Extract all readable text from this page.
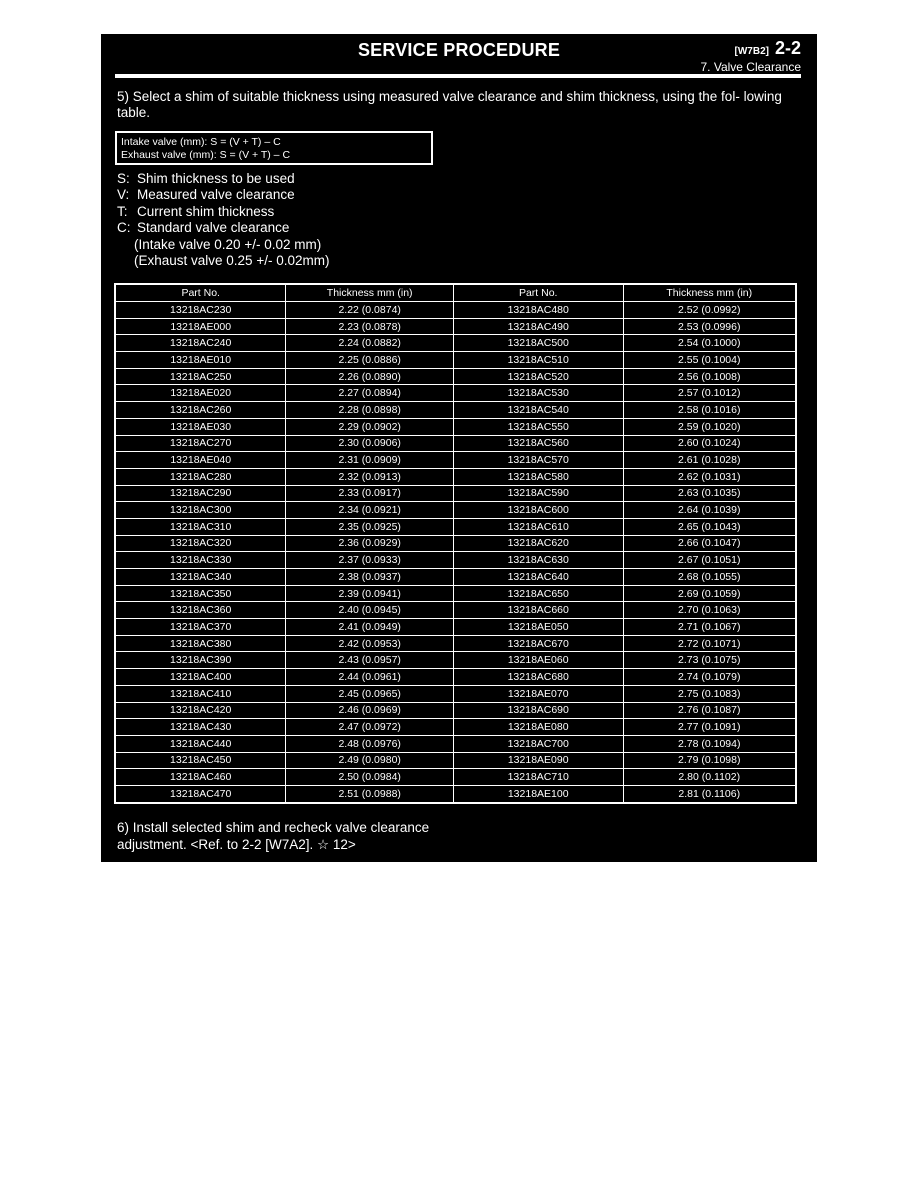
SERVICE PROCEDURE	[W7B2] 2-2
7. Valve Clearance
5) Select a shim of suitable thickness using measured valve clearance and shim thickness, using the fol- lowing table.
Intake valve (mm): S = (V + T) – C
Exhaust valve (mm): S = (V + T) – C
S: Shim thickness to be used
V: Measured valve clearance
T: Current shim thickness
C: Standard valve clearance
(Intake valve 0.20 +/- 0.02 mm)
(Exhaust valve 0.25 +/- 0.02mm)
Part No.	Thickness mm (in)	Part No.	Thickness mm (in)
13218AC230	2.22 (0.0874)	13218AC480	2.52 (0.0992)
13218AE000	2.23 (0.0878)	13218AC490	2.53 (0.0996)
13218AC240	2.24 (0.0882)	13218AC500	2.54 (0.1000)
13218AE010	2.25 (0.0886)	13218AC510	2.55 (0.1004)
13218AC250	2.26 (0.0890)	13218AC520	2.56 (0.1008)
13218AE020	2.27 (0.0894)	13218AC530	2.57 (0.1012)
13218AC260	2.28 (0.0898)	13218AC540	2.58 (0.1016)
13218AE030	2.29 (0.0902)	13218AC550	2.59 (0.1020)
13218AC270	2.30 (0.0906)	13218AC560	2.60 (0.1024)
13218AE040	2.31 (0.0909)	13218AC570	2.61 (0.1028)
13218AC280	2.32 (0.0913)	13218AC580	2.62 (0.1031)
13218AC290	2.33 (0.0917)	13218AC590	2.63 (0.1035)
13218AC300	2.34 (0.0921)	13218AC600	2.64 (0.1039)
13218AC310	2.35 (0.0925)	13218AC610	2.65 (0.1043)
13218AC320	2.36 (0.0929)	13218AC620	2.66 (0.1047)
13218AC330	2.37 (0.0933)	13218AC630	2.67 (0.1051)
13218AC340	2.38 (0.0937)	13218AC640	2.68 (0.1055)
13218AC350	2.39 (0.0941)	13218AC650	2.69 (0.1059)
13218AC360	2.40 (0.0945)	13218AC660	2.70 (0.1063)
13218AC370	2.41 (0.0949)	13218AE050	2.71 (0.1067)
13218AC380	2.42 (0.0953)	13218AC670	2.72 (0.1071)
13218AC390	2.43 (0.0957)	13218AE060	2.73 (0.1075)
13218AC400	2.44 (0.0961)	13218AC680	2.74 (0.1079)
13218AC410	2.45 (0.0965)	13218AE070	2.75 (0.1083)
13218AC420	2.46 (0.0969)	13218AC690	2.76 (0.1087)
13218AC430	2.47 (0.0972)	13218AE080	2.77 (0.1091)
13218AC440	2.48 (0.0976)	13218AC700	2.78 (0.1094)
13218AC450	2.49 (0.0980)	13218AE090	2.79 (0.1098)
13218AC460	2.50 (0.0984)	13218AC710	2.80 (0.1102)
13218AC470	2.51 (0.0988)	13218AE100	2.81 (0.1106)
6) Install selected shim and recheck valve clearance
adjustment. <Ref. to 2-2 [W7A2]. ☆ 12>
